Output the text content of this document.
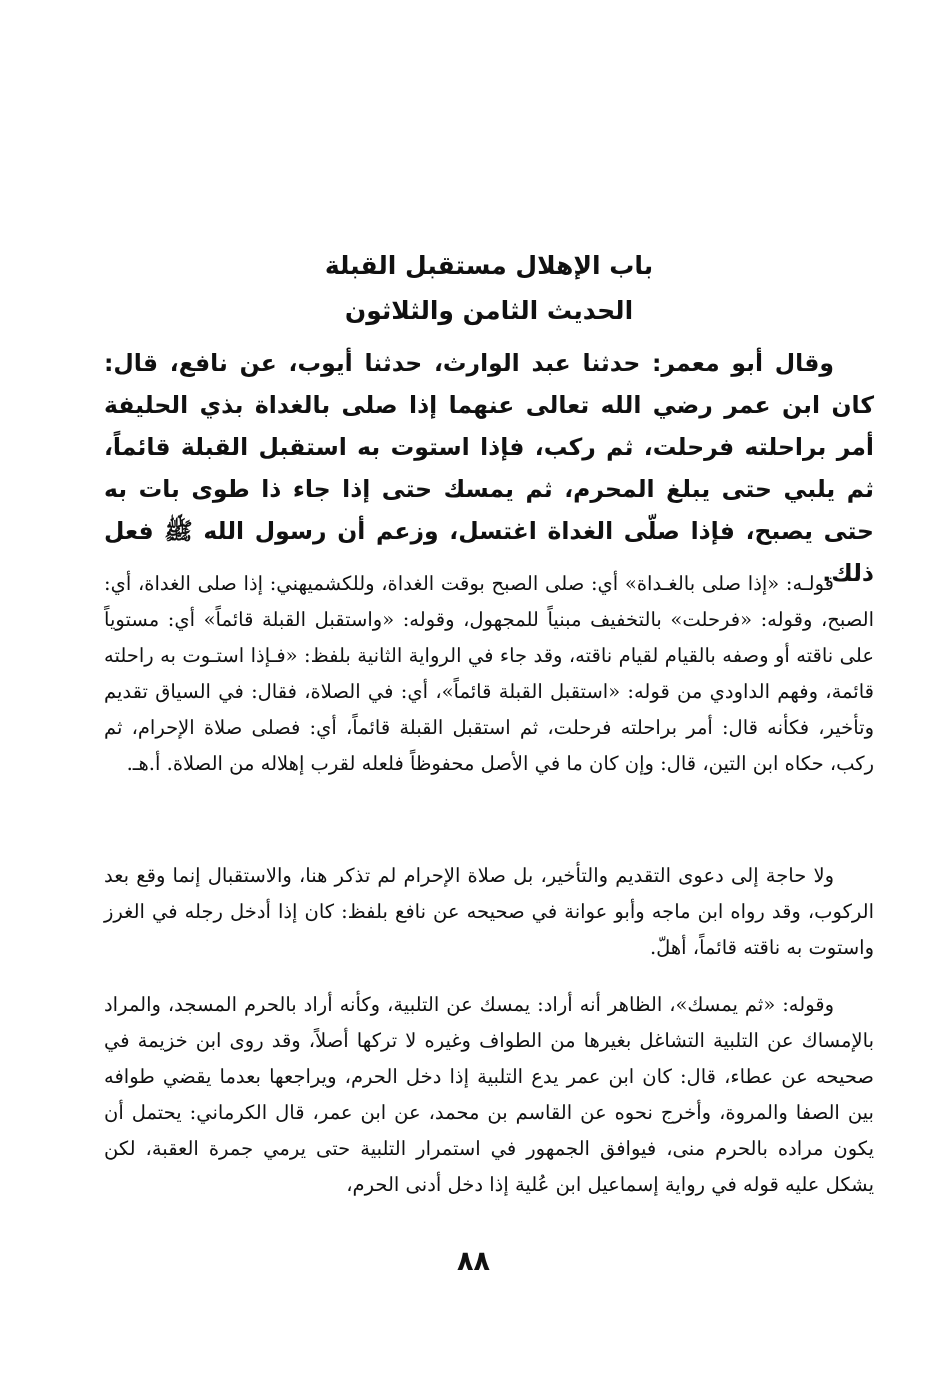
باب الإهلال مستقبل القبلة
الحديث الثامن والثلاثون

وقال أبو معمر: حدثنا عبد الوارث، حدثنا أيوب، عن نافع، قال: كان ابن عمر رضي الله تعالى عنهما إذا صلى بالغداة بذي الحليفة أمر براحلته فرحلت، ثم ركب، فإذا استوت به استقبل القبلة قائماً، ثم يلبي حتى يبلغ المحرم، ثم يمسك حتى إذا جاء ذا طوى بات به حتى يصبح، فإذا صلّى الغداة اغتسل، وزعم أن رسول الله ﷺ فعل ذلك.

قولـه: «إذا صلى بالغـداة» أي: صلى الصبح بوقت الغداة، وللكشميهني: إذا صلى الغداة، أي: الصبح، وقوله: «فرحلت» بالتخفيف مبنياً للمجهول، وقوله: «واستقبل القبلة قائماً» أي: مستوياً على ناقته أو وصفه بالقيام لقيام ناقته، وقد جاء في الرواية الثانية بلفظ: «فـإذا استـوت به راحلته قائمة، وفهم الداودي من قوله: «استقبل القبلة قائماً»، أي: في الصلاة، فقال: في السياق تقديم وتأخير، فكأنه قال: أمر براحلته فرحلت، ثم استقبل القبلة قائماً، أي: فصلى صلاة الإحرام، ثم ركب، حكاه ابن التين، قال: وإن كان ما في الأصل محفوظاً فلعله لقرب إهلاله من الصلاة. أ.هـ.

ولا حاجة إلى دعوى التقديم والتأخير، بل صلاة الإحرام لم تذكر هنا، والاستقبال إنما وقع بعد الركوب، وقد رواه ابن ماجه وأبو عوانة في صحيحه عن نافع بلفظ: كان إذا أدخل رجله في الغرز واستوت به ناقته قائماً، أهلّ.

وقوله: «ثم يمسك»، الظاهر أنه أراد: يمسك عن التلبية، وكأنه أراد بالحرم المسجد، والمراد بالإمساك عن التلبية التشاغل بغيرها من الطواف وغيره لا تركها أصلاً، وقد روى ابن خزيمة في صحيحه عن عطاء، قال: كان ابن عمر يدع التلبية إذا دخل الحرم، ويراجعها بعدما يقضي طوافه بين الصفا والمروة، وأخرج نحوه عن القاسم بن محمد، عن ابن عمر، قال الكرماني: يحتمل أن يكون مراده بالحرم منى، فيوافق الجمهور في استمرار التلبية حتى يرمي جمرة العقبة، لكن يشكل عليه قوله في رواية إسماعيل ابن عُلية إذا دخل أدنى الحرم،

٨٨
